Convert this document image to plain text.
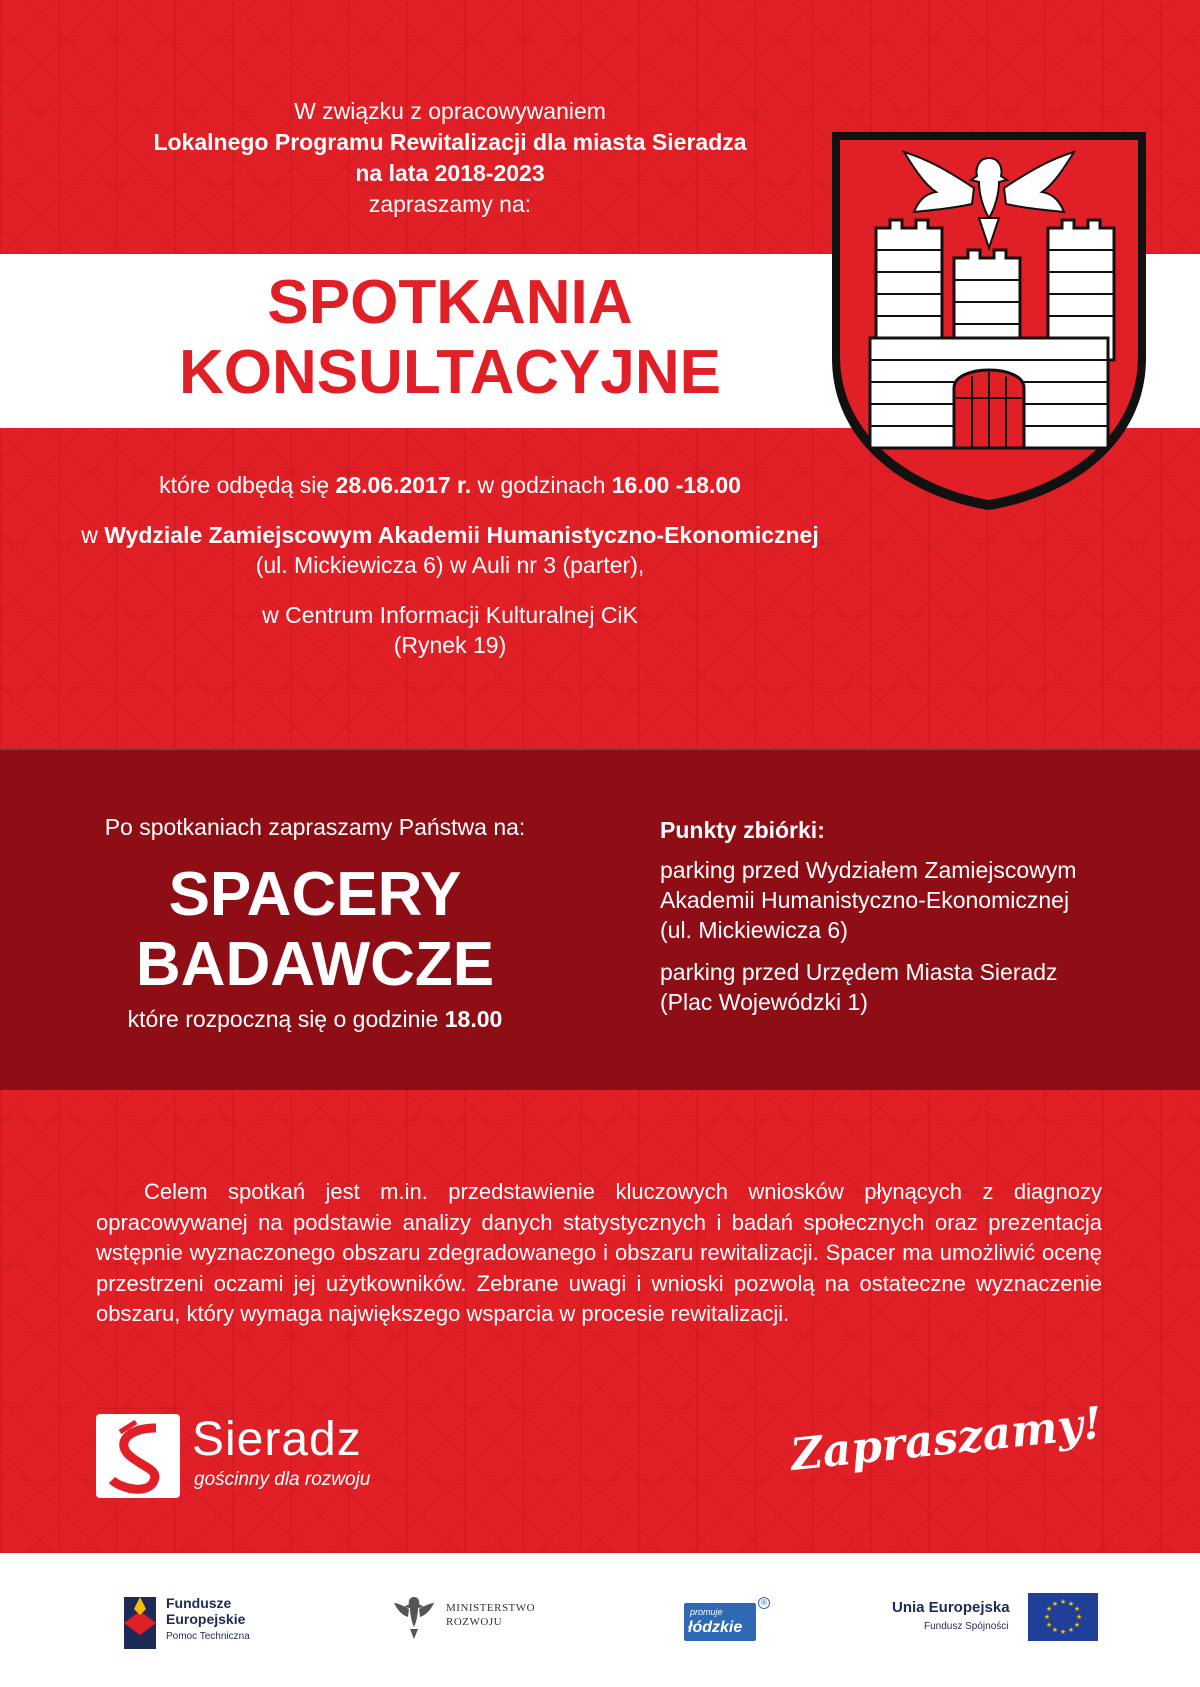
W związku z opracowywaniem
Lokalnego Programu Rewitalizacji dla miasta Sieradza
na lata 2018-2023
zapraszamy na:
SPOTKANIA
KONSULTACYJNE

które odbędą się 28.06.2017 r. w godzinach 16.00 -18.00

w Wydziale Zamiejscowym Akademii Humanistyczno-Ekonomicznej
(ul. Mickiewicza 6) w Auli nr 3 (parter),

w Centrum Informacji Kulturalnej CiK
(Rynek 19)

Po spotkaniach zapraszamy Państwa na:
SPACERY
BADAWCZE
które rozpoczną się o godzinie 18.00
Punkty zbiórki:
parking przed Wydziałem Zamiejscowym
Akademii Humanistyczno-Ekonomicznej
(ul. Mickiewicza 6)
parking przed Urzędem Miasta Sieradz
(Plac Wojewódzki 1)
Celem spotkań jest m.in. przedstawienie kluczowych wniosków płynących z diagnozy opracowywanej na podstawie analizy danych statystycznych i badań społecznych oraz prezentacja wstępnie wyznaczonego obszaru zdegradowanego i obszaru rewitalizacji. Spacer ma umożliwić ocenę przestrzeni oczami jej użytkowników. Zebrane uwagi i wnioski pozwolą na ostateczne wyznaczenie obszaru, który wymaga największego wsparcia w procesie rewitalizacji.
Sieradz
gościnny dla rozwoju	Zapraszamy!
Fundusze
Europejskie
Pomoc Techniczna
MINISTERSTWO
ROZWOJU
promuje
łódzkie
®	Unia Europejska
Fundusz Spójności
★ ★
★
★
★
★
★
★
★
★
★
★
